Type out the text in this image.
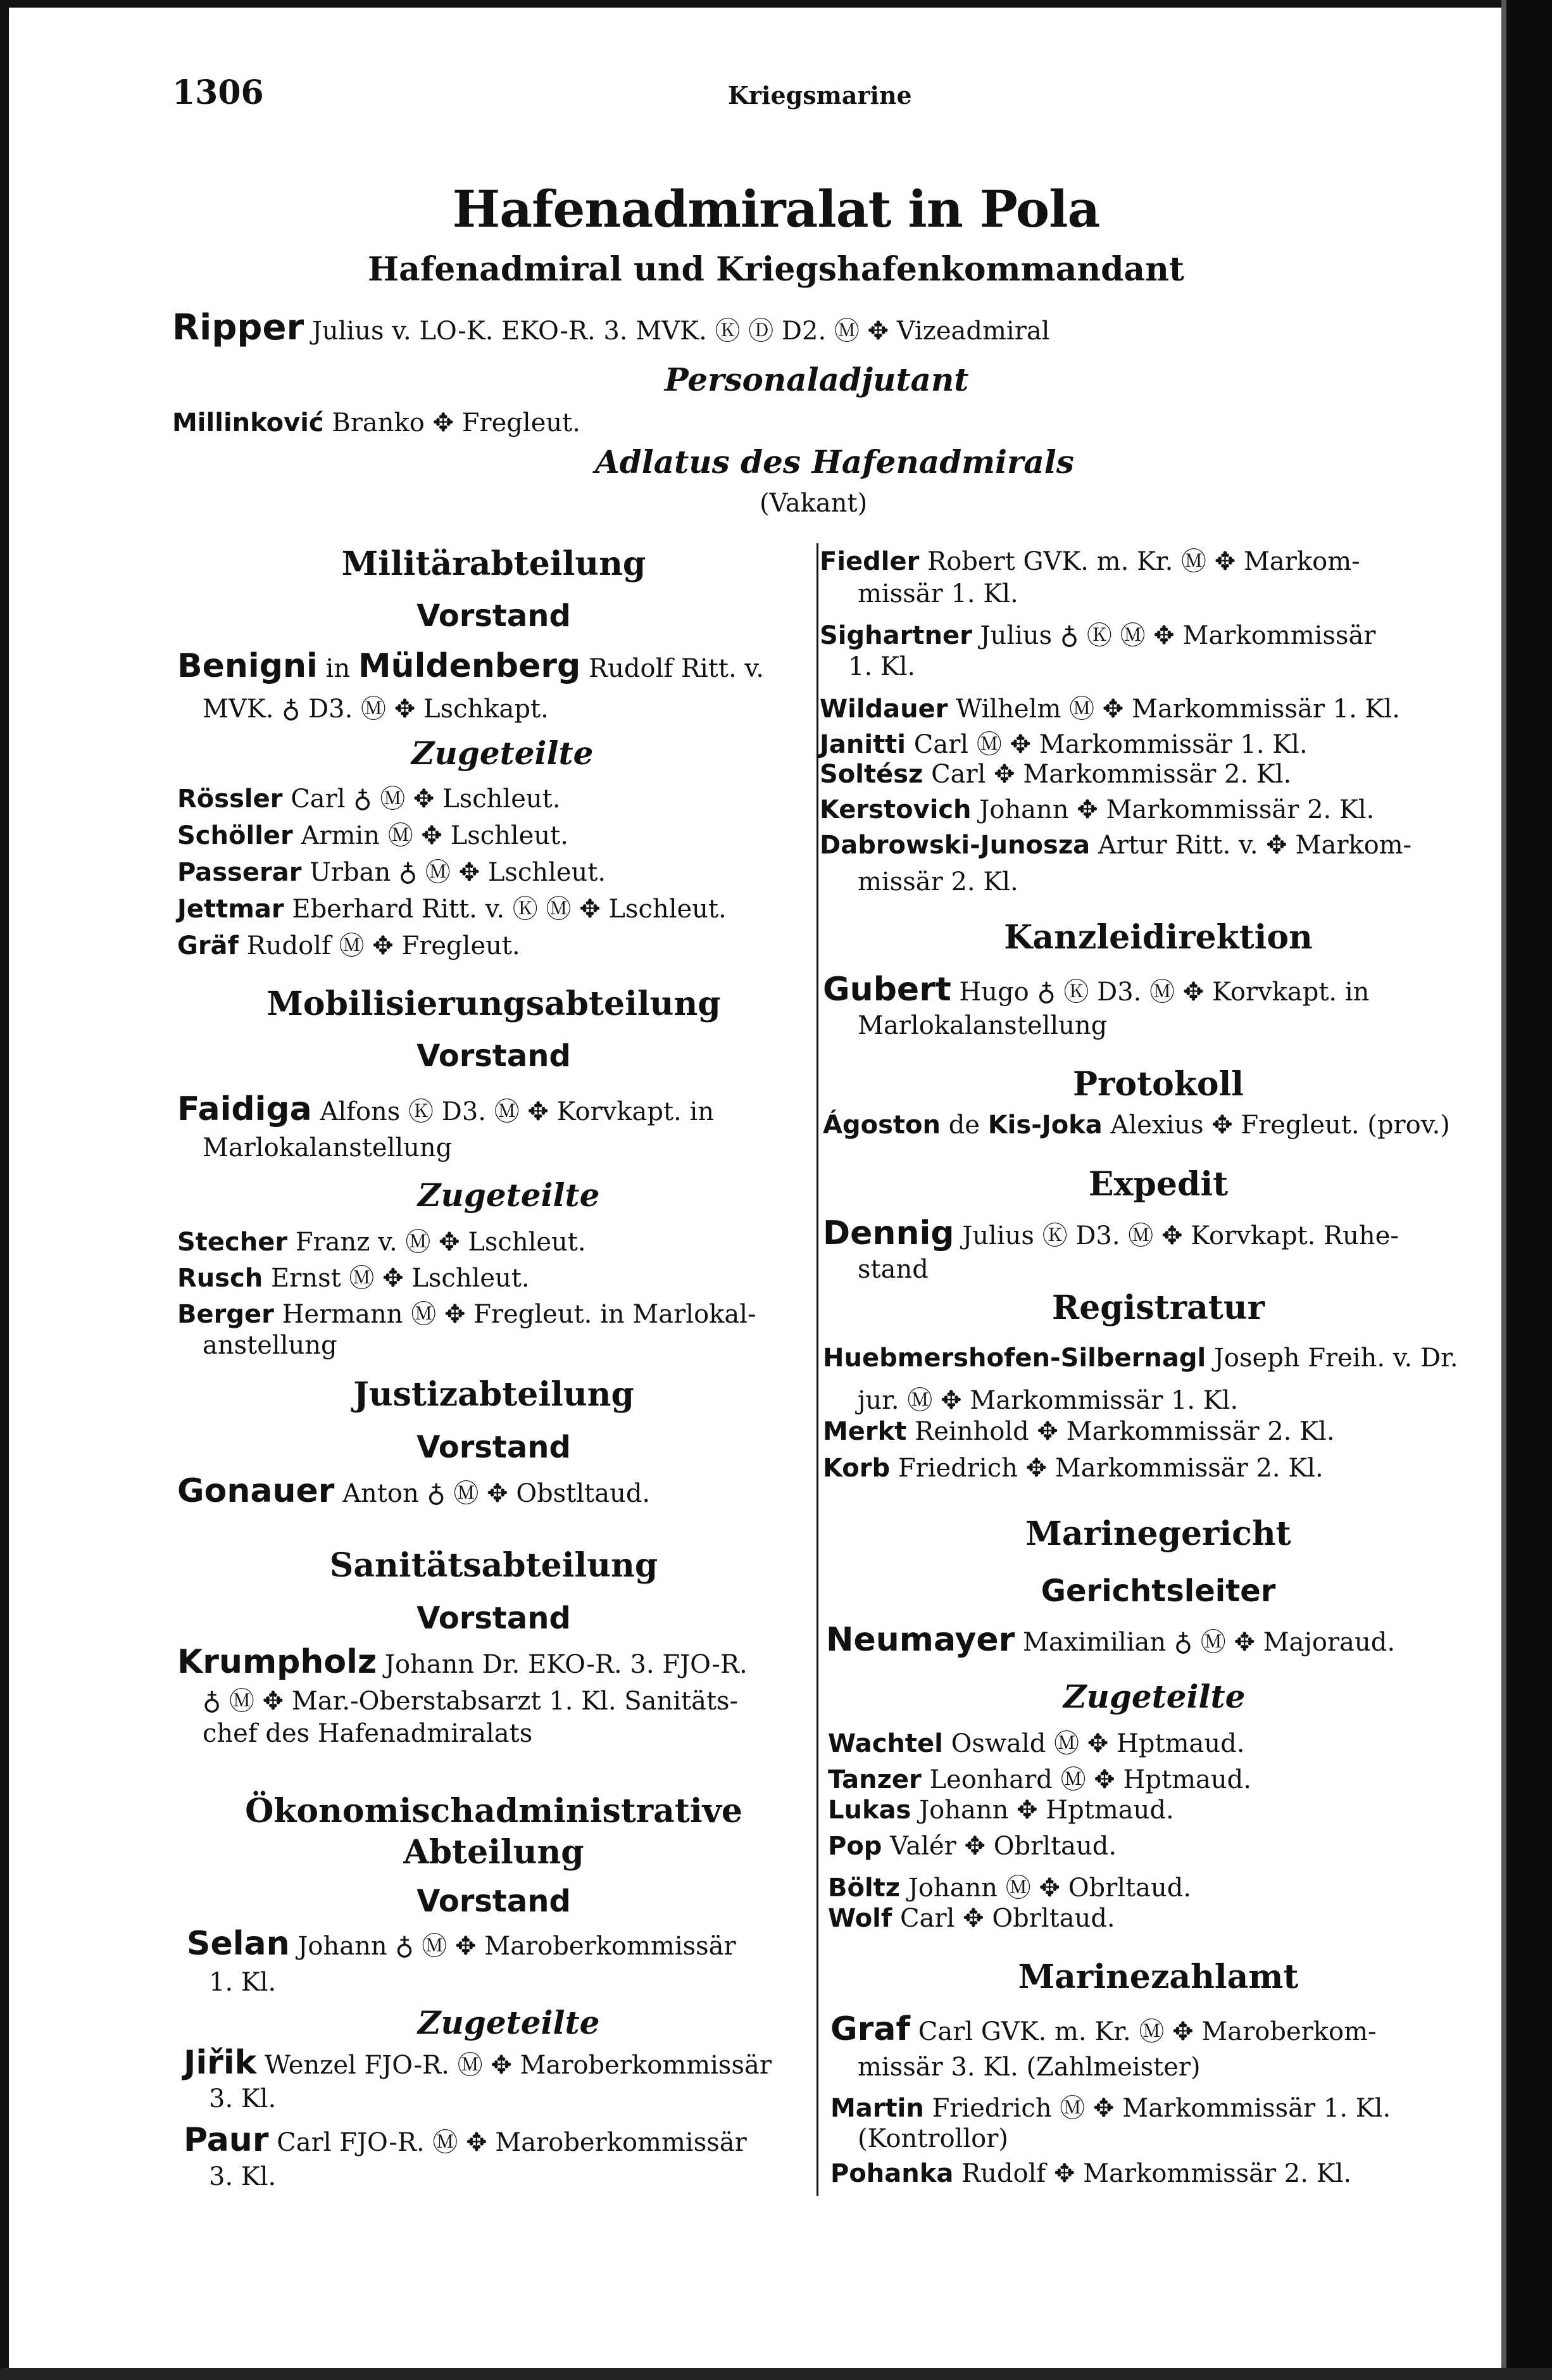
1306	Kriegsmarine
Hafenadmiralat in Pola
Hafenadmiral und Kriegshafenkommandant
Ripper Julius v. LO-K. EKO-R. 3. MVK. Ⓚ Ⓓ D2. Ⓜ ✥ Vizeadmiral
Personaladjutant
Millinković Branko ✥ Fregleut.
Adlatus des Hafenadmirals
(Vakant)
Militärabteilung
Vorstand
Benigni in Müldenberg Rudolf Ritt. v.
MVK. ♁ D3. Ⓜ ✥ Lschkapt.
Zugeteilte
Rössler Carl ♁ Ⓜ ✥ Lschleut.
Schöller Armin Ⓜ ✥ Lschleut.
Passerar Urban ♁ Ⓜ ✥ Lschleut.
Jettmar Eberhard Ritt. v. Ⓚ Ⓜ ✥ Lschleut.
Gräf Rudolf Ⓜ ✥ Fregleut.
Mobilisierungsabteilung
Vorstand
Faidiga Alfons Ⓚ D3. Ⓜ ✥ Korvkapt. in
Marlokalanstellung
Zugeteilte
Stecher Franz v. Ⓜ ✥ Lschleut.
Rusch Ernst Ⓜ ✥ Lschleut.
Berger Hermann Ⓜ ✥ Fregleut. in Marlokal-
anstellung
Justizabteilung
Vorstand
Gonauer Anton ♁ Ⓜ ✥ Obstltaud.
Sanitätsabteilung
Vorstand
Krumpholz Johann Dr. EKO-R. 3. FJO-R.
♁ Ⓜ ✥ Mar.-Oberstabsarzt 1. Kl. Sanitäts-
chef des Hafenadmiralats
Ökonomischadministrative
Abteilung
Vorstand
Selan Johann ♁ Ⓜ ✥ Maroberkommissär
1. Kl.
Zugeteilte
Jiřik Wenzel FJO-R. Ⓜ ✥ Maroberkommissär
3. Kl.
Paur Carl FJO-R. Ⓜ ✥ Maroberkommissär
3. Kl.
Fiedler Robert GVK. m. Kr. Ⓜ ✥ Markom-
missär 1. Kl.
Sighartner Julius ♁ Ⓚ Ⓜ ✥ Markommissär
1. Kl.
Wildauer Wilhelm Ⓜ ✥ Markommissär 1. Kl.
Janitti Carl Ⓜ ✥ Markommissär 1. Kl.
Soltész Carl ✥ Markommissär 2. Kl.
Kerstovich Johann ✥ Markommissär 2. Kl.
Dabrowski-Junosza Artur Ritt. v. ✥ Markom-
missär 2. Kl.
Kanzleidirektion
Gubert Hugo ♁ Ⓚ D3. Ⓜ ✥ Korvkapt. in
Marlokalanstellung
Protokoll
Ágoston de Kis-Joka Alexius ✥ Fregleut. (prov.)
Expedit
Dennig Julius Ⓚ D3. Ⓜ ✥ Korvkapt. Ruhe-
stand
Registratur
Huebmershofen-Silbernagl Joseph Freih. v. Dr.
jur. Ⓜ ✥ Markommissär 1. Kl.
Merkt Reinhold ✥ Markommissär 2. Kl.
Korb Friedrich ✥ Markommissär 2. Kl.
Marinegericht
Gerichtsleiter
Neumayer Maximilian ♁ Ⓜ ✥ Majoraud.
Zugeteilte
Wachtel Oswald Ⓜ ✥ Hptmaud.
Tanzer Leonhard Ⓜ ✥ Hptmaud.
Lukas Johann ✥ Hptmaud.
Pop Valér ✥ Obrltaud.
Böltz Johann Ⓜ ✥ Obrltaud.
Wolf Carl ✥ Obrltaud.
Marinezahlamt
Graf Carl GVK. m. Kr. Ⓜ ✥ Maroberkom-
missär 3. Kl. (Zahlmeister)
Martin Friedrich Ⓜ ✥ Markommissär 1. Kl.
(Kontrollor)
Pohanka Rudolf ✥ Markommissär 2. Kl.
